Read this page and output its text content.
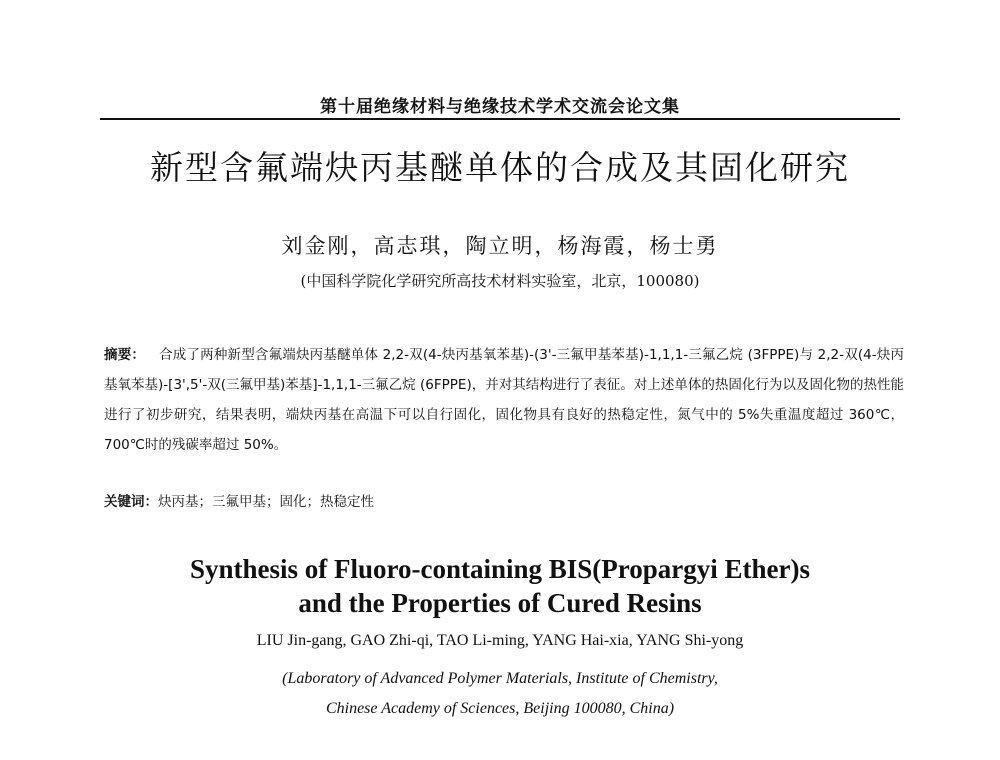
第十届绝缘材料与绝缘技术学术交流会论文集
新型含氟端炔丙基醚单体的合成及其固化研究
刘金刚，高志琪，陶立明，杨海霞，杨士勇
(中国科学院化学研究所高技术材料实验室，北京，100080)
摘要： 合成了两种新型含氟端炔丙基醚单体 2,2-双(4-炔丙基氧苯基)-(3'-三氟甲基苯基)-1,1,1-三氟乙烷 (3FPPE)与 2,2-双(4-炔丙基氧苯基)-[3',5'-双(三氟甲基)苯基]-1,1,1-三氟乙烷 (6FPPE)，并对其结构进行了表征。对上述单体的热固化行为以及固化物的热性能进行了初步研究，结果表明，端炔丙基在高温下可以自行固化，固化物具有良好的热稳定性，氮气中的 5%失重温度超过 360℃，700℃时的残碳率超过 50%。
关键词：炔丙基；三氟甲基；固化；热稳定性
Synthesis of Fluoro-containing BIS(Propargyi Ether)s
and the Properties of Cured Resins
LIU Jin-gang, GAO Zhi-qi, TAO Li-ming, YANG Hai-xia, YANG Shi-yong
(Laboratory of Advanced Polymer Materials, Institute of Chemistry,
Chinese Academy of Sciences, Beijing 100080, China)
